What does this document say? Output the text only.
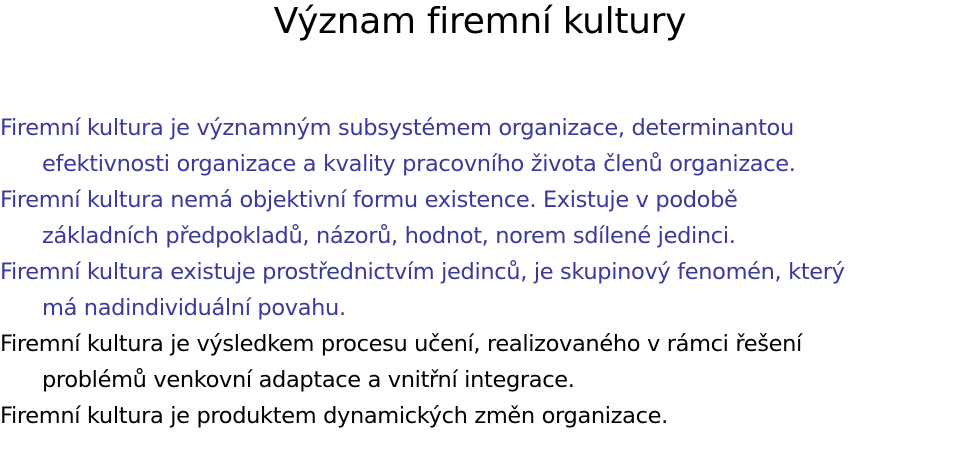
Význam firemní kultury

Firemní kultura je významným subsystémem organizace, determinantou
efektivnosti organizace a kvality pracovního života členů organizace.

Firemní kultura nemá objektivní formu existence. Existuje v podobě
základních předpokladů, názorů, hodnot, norem sdílené jedinci.

Firemní kultura existuje prostřednictvím jedinců, je skupinový fenomén, který
má nadindividuální povahu.

Firemní kultura je výsledkem procesu učení, realizovaného v rámci řešení
problémů venkovní adaptace a vnitřní integrace.

Firemní kultura je produktem dynamických změn organizace.
